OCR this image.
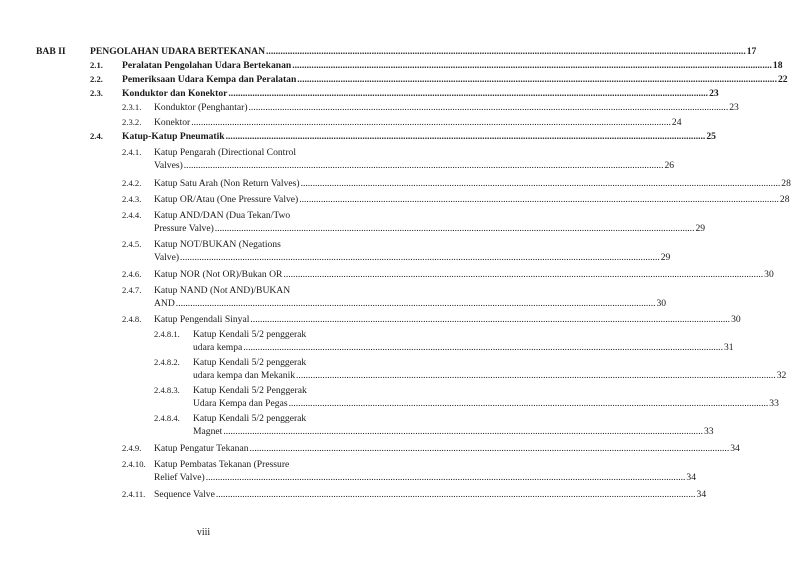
BAB II	PENGOLAHAN UDARA BERTEKANAN ........................................................................................................................................................................................................ 17
2.1. Peralatan Pengolahan Udara Bertekanan ........................................................................................................................................................................................................ 18
2.2. Pemeriksaan Udara Kempa dan Peralatan ........................................................................................................................................................................................................ 22
2.3. Konduktor dan Konektor ........................................................................................................................................................................................................ 23
2.3.1. Konduktor (Penghantar) ........................................................................................................................................................................................................ 23
2.3.2. Konektor ........................................................................................................................................................................................................ 24
2.4. Katup-Katup Pneumatik ........................................................................................................................................................................................................ 25
2.4.1. Katup Pengarah (Directional Control
Valves) ........................................................................................................................................................................................................ 26
2.4.2. Katup Satu Arah (Non Return Valves) ........................................................................................................................................................................................................ 28
2.4.3. Katup OR/Atau (One Pressure Valve) ........................................................................................................................................................................................................ 28
2.4.4. Katup AND/DAN (Dua Tekan/Two
Pressure Valve) ........................................................................................................................................................................................................ 29
2.4.5. Katup NOT/BUKAN (Negations
Valve) ........................................................................................................................................................................................................ 29
2.4.6. Katup NOR (Not OR)/Bukan OR ........................................................................................................................................................................................................ 30
2.4.7. Katup NAND (Not AND)/BUKAN
AND ........................................................................................................................................................................................................ 30
2.4.8. Katup Pengendali Sinyal ........................................................................................................................................................................................................ 30
2.4.8.1. Katup Kendali 5/2 penggerak
udara kempa ........................................................................................................................................................................................................ 31
2.4.8.2. Katup Kendali 5/2 penggerak
udara kempa dan Mekanik ........................................................................................................................................................................................................ 32
2.4.8.3. Katup Kendali 5/2 Penggerak
Udara Kempa dan Pegas ........................................................................................................................................................................................................ 33
2.4.8.4. Katup Kendali 5/2 penggerak
Magnet ........................................................................................................................................................................................................ 33
2.4.9. Katup Pengatur Tekanan ........................................................................................................................................................................................................ 34
2.4.10. Katup Pembatas Tekanan (Pressure
Relief Valve) ........................................................................................................................................................................................................ 34
2.4.11. Sequence Valve ........................................................................................................................................................................................................ 34
viii
